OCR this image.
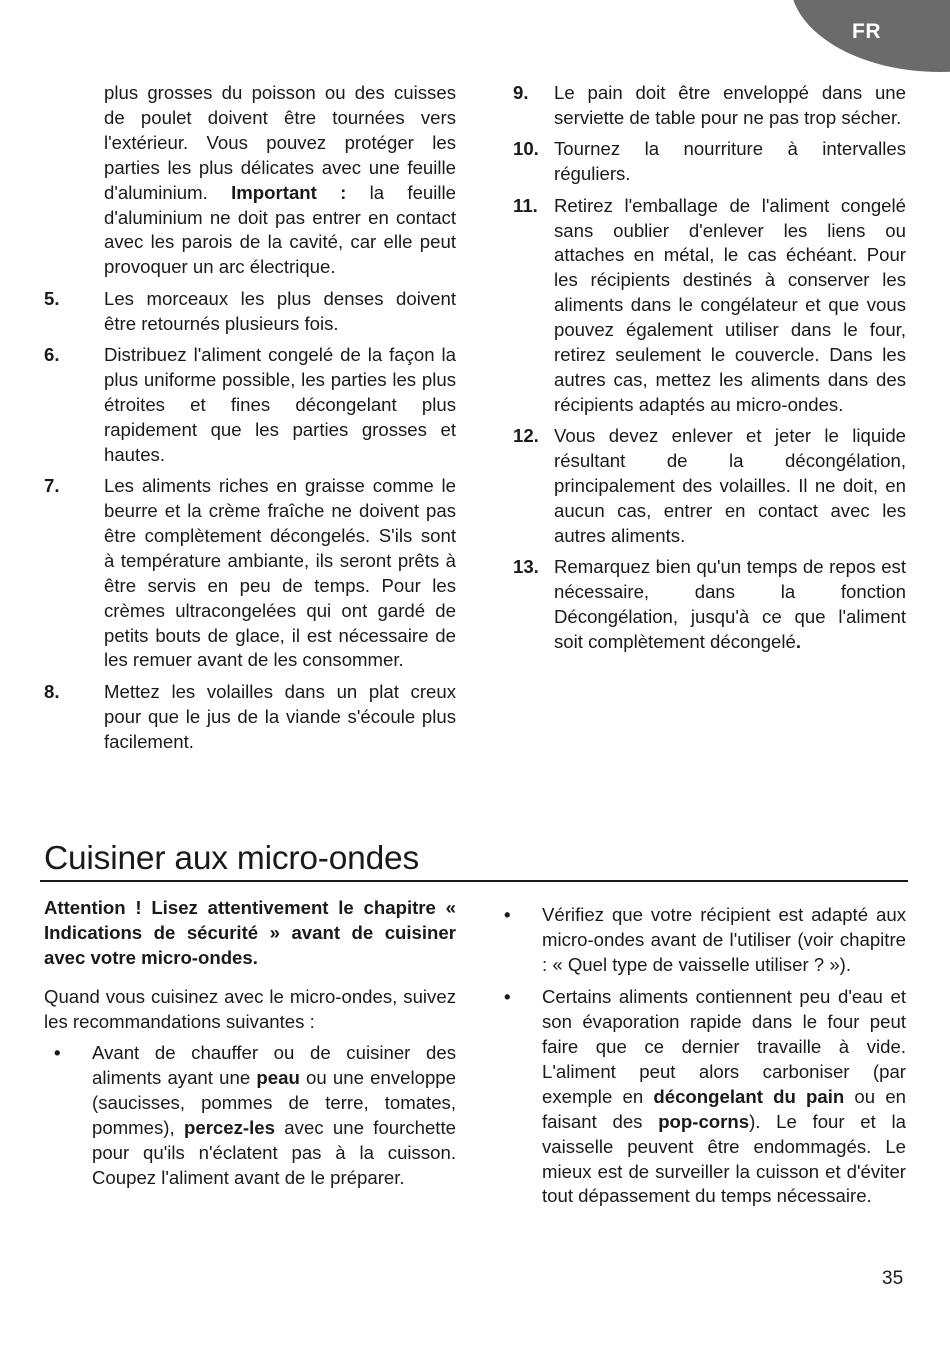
FR
plus grosses du poisson ou des cuisses de poulet doivent être tournées vers l'extérieur. Vous pouvez protéger les parties les plus délicates avec une feuille d'aluminium. Important : la feuille d'aluminium ne doit pas entrer en contact avec les parois de la cavité, car elle peut provoquer un arc électrique.
5. Les morceaux les plus denses doivent être retournés plusieurs fois.
6. Distribuez l'aliment congelé de la façon la plus uniforme possible, les parties les plus étroites et fines décongelant plus rapidement que les parties grosses et hautes.
7. Les aliments riches en graisse comme le beurre et la crème fraîche ne doivent pas être complètement décongelés. S'ils sont à température ambiante, ils seront prêts à être servis en peu de temps. Pour les crèmes ultracongelées qui ont gardé de petits bouts de glace, il est nécessaire de les remuer avant de les consommer.
8. Mettez les volailles dans un plat creux pour que le jus de la viande s'écoule plus facilement.
9. Le pain doit être enveloppé dans une serviette de table pour ne pas trop sécher.
10. Tournez la nourriture à intervalles réguliers.
11. Retirez l'emballage de l'aliment congelé sans oublier d'enlever les liens ou attaches en métal, le cas échéant. Pour les récipients destinés à conserver les aliments dans le congélateur et que vous pouvez également utiliser dans le four, retirez seulement le couvercle. Dans les autres cas, mettez les aliments dans des récipients adaptés au micro-ondes.
12. Vous devez enlever et jeter le liquide résultant de la décongélation, principalement des volailles. Il ne doit, en aucun cas, entrer en contact avec les autres aliments.
13. Remarquez bien qu'un temps de repos est nécessaire, dans la fonction Décongélation, jusqu'à ce que l'aliment soit complètement décongelé.
Cuisiner aux micro-ondes
Attention ! Lisez attentivement le chapitre « Indications de sécurité » avant de cuisiner avec votre micro-ondes.
Quand vous cuisinez avec le micro-ondes, suivez les recommandations suivantes :
• Avant de chauffer ou de cuisiner des aliments ayant une peau ou une enveloppe (saucisses, pommes de terre, tomates, pommes), percez-les avec une fourchette pour qu'ils n'éclatent pas à la cuisson. Coupez l'aliment avant de le préparer.
• Vérifiez que votre récipient est adapté aux micro-ondes avant de l'utiliser (voir chapitre : « Quel type de vaisselle utiliser ? »).
• Certains aliments contiennent peu d'eau et son évaporation rapide dans le four peut faire que ce dernier travaille à vide. L'aliment peut alors carboniser (par exemple en décongelant du pain ou en faisant des pop-corns). Le four et la vaisselle peuvent être endommagés. Le mieux est de surveiller la cuisson et d'éviter tout dépassement du temps nécessaire.
35
